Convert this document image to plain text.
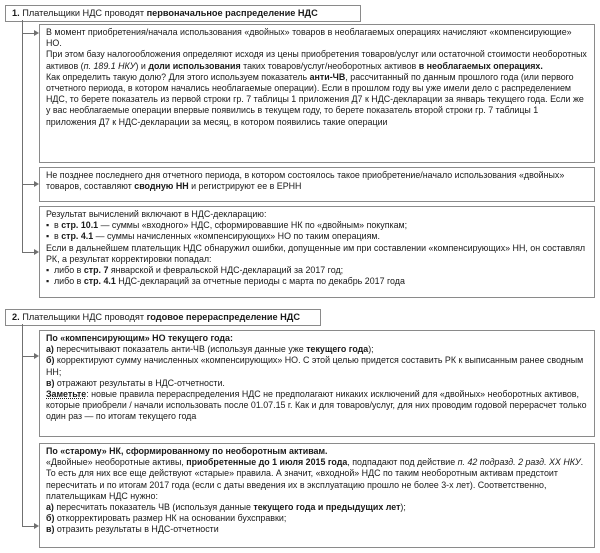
1. Плательщики НДС проводят первоначальное распределение НДС

В момент приобретения/начала использования «двойных» товаров в необлагаемых операциях начисляют «компенсирующие» НО.

При этом базу налогообложения определяют исходя из цены приобретения товаров/услуг или остаточной стоимости необоротных активов (п. 189.1 НКУ) и доли использования таких товаров/услуг/необоротных активов в необлагаемых операциях.

Как определить такую долю? Для этого используем показатель анти-ЧВ, рассчитанный по данным прошлого года (или первого отчетного периода, в котором начались необлагаемые операции). Если в прошлом году вы уже имели дело с распределением НДС, то берете показатель из первой строки гр. 7 таблицы 1 приложения Д7 к НДС-декларации за январь текущего года. Если же у вас необлагаемые операции впервые появились в текущем году, то берете показатель второй строки гр. 7 таблицы 1 приложения Д7 к НДС-декларации за месяц, в котором появились такие операции

Не позднее последнего дня отчетного периода, в котором состоялось такое приобретение/начало использования «двойных» товаров, составляют сводную НН и регистрируют ее в ЕРНН

Результат вычислений включают в НДС-декларацию:

▪ в стр. 10.1 — суммы «входного» НДС, сформировавшие НК по «двойным» покупкам;

▪ в стр. 4.1 — суммы начисленных «компенсирующих» НО по таким операциям.

Если в дальнейшем плательщик НДС обнаружил ошибки, допущенные им при составлении «компенсирующих» НН, он составлял РК, а результат корректировки попадал:

▪ либо в стр. 7 январской и февральской НДС-деклараций за 2017 год;

▪ либо в стр. 4.1 НДС-деклараций за отчетные периоды с марта по декабрь 2017 года

2. Плательщики НДС проводят годовое перераспределение НДС

По «компенсирующим» НО текущего года:

а) пересчитывают показатель анти-ЧВ (используя данные уже текущего года);

б) корректируют сумму начисленных «компенсирующих» НО. С этой целью придется составить РК к выписанным ранее сводным НН;

в) отражают результаты в НДС-отчетности.

Заметьте: новые правила перераспределения НДС не предполагают никаких исключений для «двойных» необоротных активов, которые приобрели / начали использовать после 01.07.15 г. Как и для товаров/услуг, для них проводим годовой перерасчет только один раз — по итогам текущего года

По «старому» НК, сформированному по необоротным активам.

«Двойные» необоротные активы, приобретенные до 1 июля 2015 года, подпадают под действие п. 42 подразд. 2 разд. XX НКУ. То есть для них все еще действуют «старые» правила. А значит, «входной» НДС по таким необоротным активам предстоит пересчитать и по итогам 2017 года (если с даты введения их в эксплуатацию прошло не более 3-х лет). Соответственно, плательщикам НДС нужно:

а) пересчитать показатель ЧВ (используя данные текущего года и предыдущих лет);

б) откорректировать размер НК на основании бухсправки;

в) отразить результаты в НДС-отчетности
